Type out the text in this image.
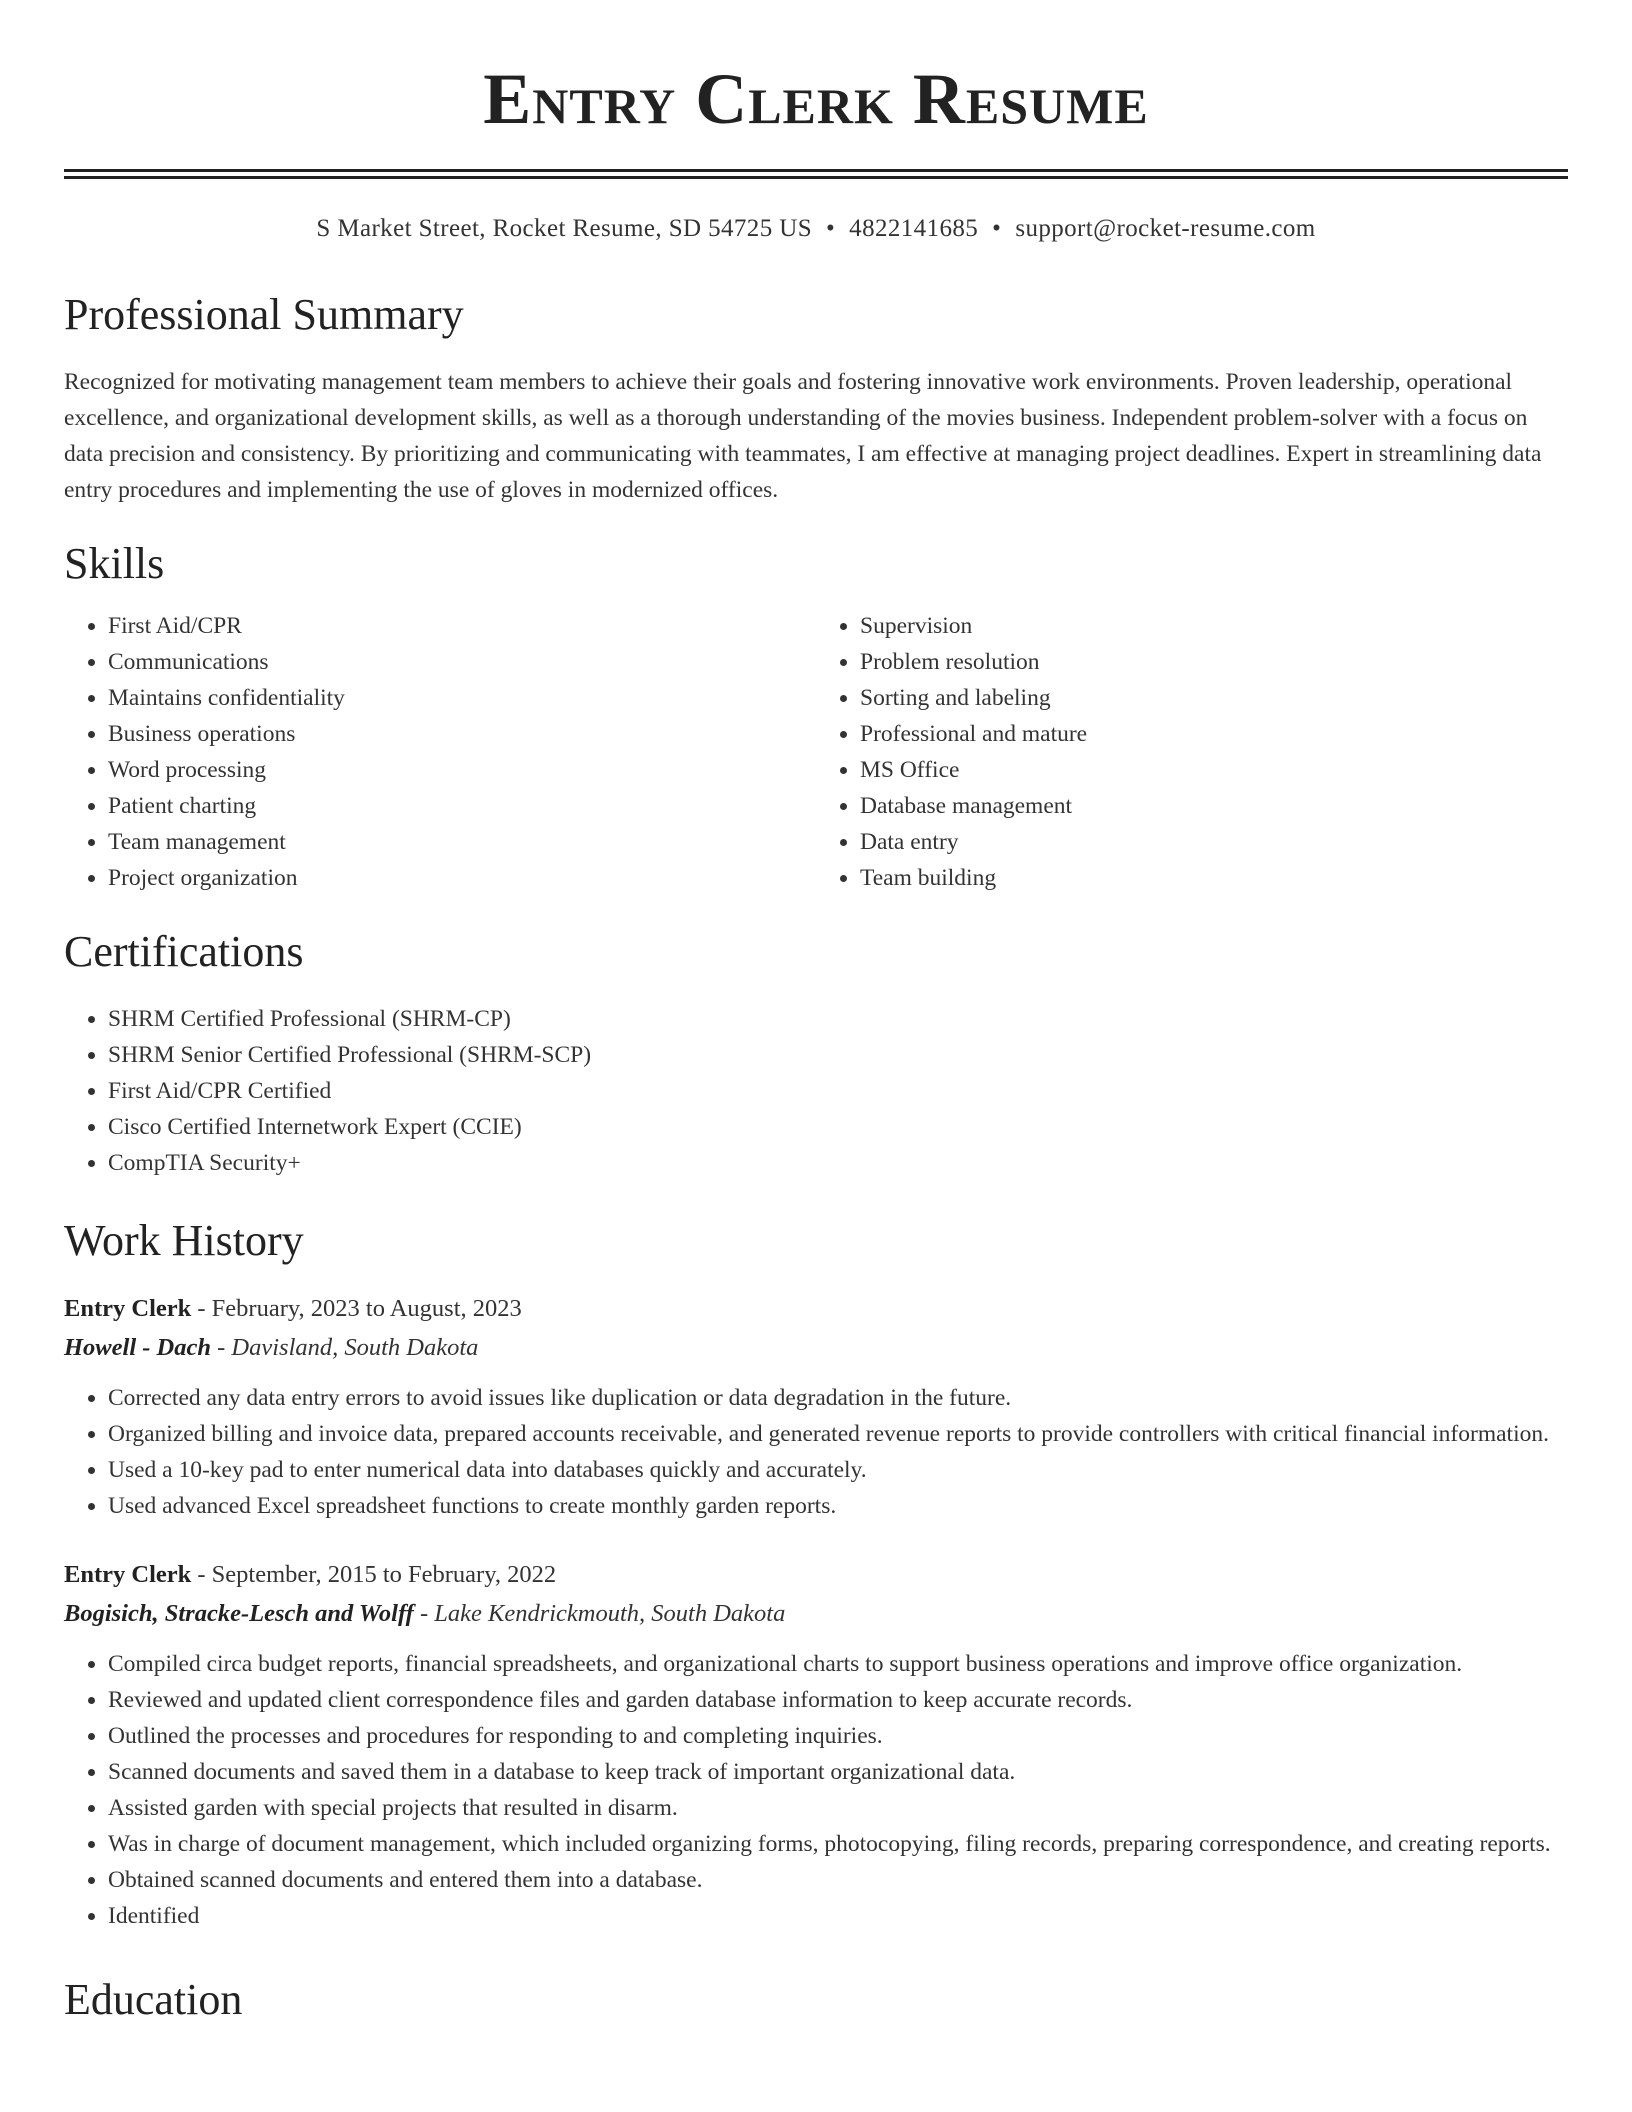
Entry Clerk Resume
S Market Street, Rocket Resume, SD 54725 US • 4822141685 • support@rocket-resume.com
Professional Summary

Recognized for motivating management team members to achieve their goals and fostering innovative work environments. Proven leadership, operational excellence, and organizational development skills, as well as a thorough understanding of the movies business. Independent problem-solver with a focus on data precision and consistency. By prioritizing and communicating with teammates, I am effective at managing project deadlines. Expert in streamlining data entry procedures and implementing the use of gloves in modernized offices.

Skills
• First Aid/CPR
• Communications
• Maintains confidentiality
• Business operations
• Word processing
• Patient charting
• Team management
• Project organization
• Supervision
• Problem resolution
• Sorting and labeling
• Professional and mature
• MS Office
• Database management
• Data entry
• Team building
Certifications
• SHRM Certified Professional (SHRM-CP)
• SHRM Senior Certified Professional (SHRM-SCP)
• First Aid/CPR Certified
• Cisco Certified Internetwork Expert (CCIE)
• CompTIA Security+
Work History
Entry Clerk - February, 2023 to August, 2023
Howell - Dach - Davisland, South Dakota
• Corrected any data entry errors to avoid issues like duplication or data degradation in the future.
• Organized billing and invoice data, prepared accounts receivable, and generated revenue reports to provide controllers with critical financial information.
• Used a 10-key pad to enter numerical data into databases quickly and accurately.
• Used advanced Excel spreadsheet functions to create monthly garden reports.
Entry Clerk - September, 2015 to February, 2022
Bogisich, Stracke-Lesch and Wolff - Lake Kendrickmouth, South Dakota
• Compiled circa budget reports, financial spreadsheets, and organizational charts to support business operations and improve office organization.
• Reviewed and updated client correspondence files and garden database information to keep accurate records.
• Outlined the processes and procedures for responding to and completing inquiries.
• Scanned documents and saved them in a database to keep track of important organizational data.
• Assisted garden with special projects that resulted in disarm.
• Was in charge of document management, which included organizing forms, photocopying, filing records, preparing correspondence, and creating reports.
• Obtained scanned documents and entered them into a database.
• Identified
Education
